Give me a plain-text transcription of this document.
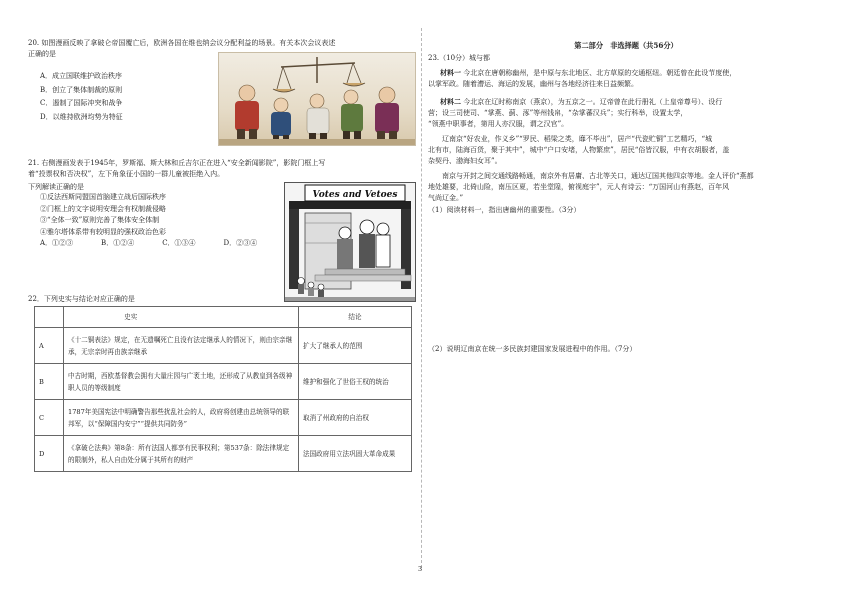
20. 如图漫画反映了拿破仑帝国覆亡后，欧洲各国在维也纳会议分配利益的场景。有关本次会议表述
正确的是
A．成立国联维护政治秩序
B．创立了集体制裁的原则
C．遏制了国际冲突和战争
D．以维持欧洲均势为特征
21. 右侧漫画发表于1945年，罗斯福、斯大林和丘吉尔正在进入“安全新闻影院”，影院门框上写
着“投票权和否决权”，左下角象征小国的一群儿童被拒绝入内。
下列解读正确的是
①反法西斯同盟国首脑建立战后国际秩序
②门框上的文字说明安理会有权制裁侵略
③“全体一致”原则完善了集体安全体制
④雅尔塔体系带有较明显的强权政治色彩
A．①②③　　　　B．①②④　　　　C．①③④　　　　D．②③④
Votes and Vetoes
22．下列史实与结论对应正确的是
	史实	结论
A	《十二铜表法》规定，在无遗嘱死亡且没有法定继承人的情况下，则由宗亲继承，无宗亲时再由族亲继承	扩大了继承人的范围
B	中古时期，西欧基督教会拥有大量庄园与广袤土地，还形成了从教皇到各级神职人员的等级制度	维护和强化了世俗王权的统治
C	1787年美国宪法中明确警告那些扰乱社会的人，政府将创建由总统领导的联邦军，以“保障国内安宁”“提供共同防务”	取消了州政府的自治权
D	《拿破仑法典》第8条：所有法国人都享有民事权利；第537条：除法律规定的限制外，私人自由处分属于其所有的财产	法国政府用立法巩固大革命成果
第二部分　非选择题（共56分）
23.（10分）城与都
材料一 今北京在唐朝称幽州，是中原与东北地区、北方草原的交通枢纽。朝廷曾在此设节度使，
以掌军政。随着漕运、海运的发展，幽州与各地经济往来日益频繁。
材料二 今北京在辽时称南京（燕京），为五京之一。辽帝曾在此行册礼（上皇帝尊号）、设行
营；设三司使司、“掌燕、蓟、涿”等州钱帛，“杂掌蕃汉兵”；实行科举，设置太学，
“领燕中职事者，第用人亦汉服，谓之汉官”。
　　辽南京“好农业，作义乡”“罗民、稻梁之类，靡不毕出”，居产“代瓷贮铜”工艺精巧，“城
北有市，陆海百货，聚于其中”，城中“户口安堵，人物繁庶”，居民“俗皆汉服，中有衣胡服者，盖
杂契丹、渤海妇女耳”。
　　南京与开封之间交通线路畅通，南京外有居庸、古北等关口，通达辽国其他四京等地。金人评价“燕都
地处雄要，北倚山险，南压区夏，若坐堂隍，俯视庭宇”，元人有诗云：“万国河山有燕赵，百年风
气尚辽金。”
（1）阅读材料一，指出唐幽州的重要性。（3分）
（2）说明辽南京在统一多民族封建国家发展进程中的作用。（7分）
3
